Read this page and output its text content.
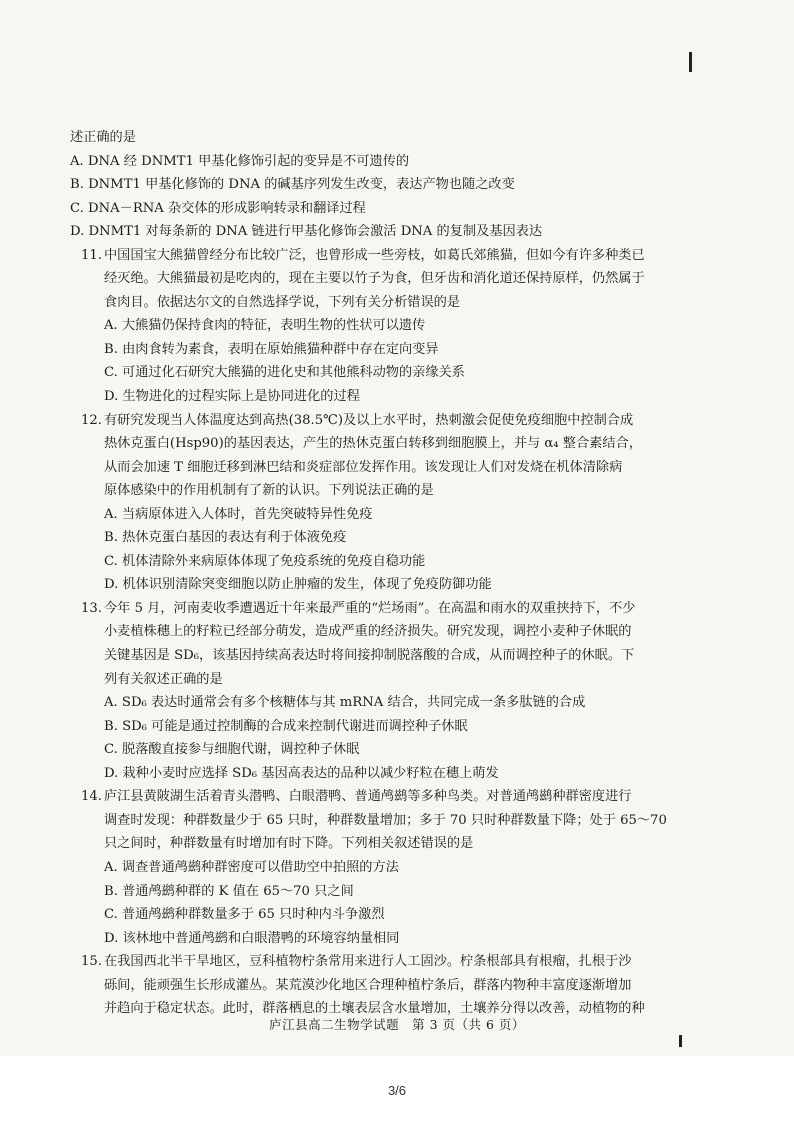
述正确的是
A. DNA 经 DNMT1 甲基化修饰引起的变异是不可遗传的
B. DNMT1 甲基化修饰的 DNA 的碱基序列发生改变，表达产物也随之改变
C. DNA－RNA 杂交体的形成影响转录和翻译过程
D. DNMT1 对每条新的 DNA 链进行甲基化修饰会激活 DNA 的复制及基因表达
11. 中国国宝大熊猫曾经分布比较广泛，也曾形成一些旁枝，如葛氏郊熊猫，但如今有许多种类已
经灭绝。大熊猫最初是吃肉的，现在主要以竹子为食，但牙齿和消化道还保持原样，仍然属于
食肉目。依据达尔文的自然选择学说，下列有关分析错误的是
A. 大熊猫仍保持食肉的特征，表明生物的性状可以遗传
B. 由肉食转为素食，表明在原始熊猫种群中存在定向变异
C. 可通过化石研究大熊猫的进化史和其他熊科动物的亲缘关系
D. 生物进化的过程实际上是协同进化的过程
12. 有研究发现当人体温度达到高热(38.5℃)及以上水平时，热刺激会促使免疫细胞中控制合成
热休克蛋白(Hsp90)的基因表达，产生的热休克蛋白转移到细胞膜上，并与 α₄ 整合素结合，
从而会加速 T 细胞迁移到淋巴结和炎症部位发挥作用。该发现让人们对发烧在机体清除病
原体感染中的作用机制有了新的认识。下列说法正确的是
A. 当病原体进入人体时，首先突破特异性免疫
B. 热休克蛋白基因的表达有利于体液免疫
C. 机体清除外来病原体体现了免疫系统的免疫自稳功能
D. 机体识别清除突变细胞以防止肿瘤的发生，体现了免疫防御功能
13. 今年 5 月，河南麦收季遭遇近十年来最严重的“烂场雨”。在高温和雨水的双重挟持下，不少
小麦植株穗上的籽粒已经部分萌发，造成严重的经济损失。研究发现，调控小麦种子休眠的
关键基因是 SD₆，该基因持续高表达时将间接抑制脱落酸的合成，从而调控种子的休眠。下
列有关叙述正确的是
A. SD₆ 表达时通常会有多个核糖体与其 mRNA 结合，共同完成一条多肽链的合成
B. SD₆ 可能是通过控制酶的合成来控制代谢进而调控种子休眠
C. 脱落酸直接参与细胞代谢，调控种子休眠
D. 栽种小麦时应选择 SD₆ 基因高表达的品种以减少籽粒在穗上萌发
14. 庐江县黄陂湖生活着青头潜鸭、白眼潜鸭、普通鸬鹚等多种鸟类。对普通鸬鹚种群密度进行
调查时发现：种群数量少于 65 只时，种群数量增加；多于 70 只时种群数量下降；处于 65～70
只之间时，种群数量有时增加有时下降。下列相关叙述错误的是
A. 调查普通鸬鹚种群密度可以借助空中拍照的方法
B. 普通鸬鹚种群的 K 值在 65～70 只之间
C. 普通鸬鹚种群数量多于 65 只时种内斗争激烈
D. 该林地中普通鸬鹚和白眼潜鸭的环境容纳量相同
15. 在我国西北半干旱地区，豆科植物柠条常用来进行人工固沙。柠条根部具有根瘤，扎根于沙
砾间，能顽强生长形成灌丛。某荒漠沙化地区合理种植柠条后，群落内物种丰富度逐渐增加
并趋向于稳定状态。此时，群落栖息的土壤表层含水量增加，土壤养分得以改善，动植物的种
庐江县高二生物学试题　第 3 页（共 6 页）
3/6
